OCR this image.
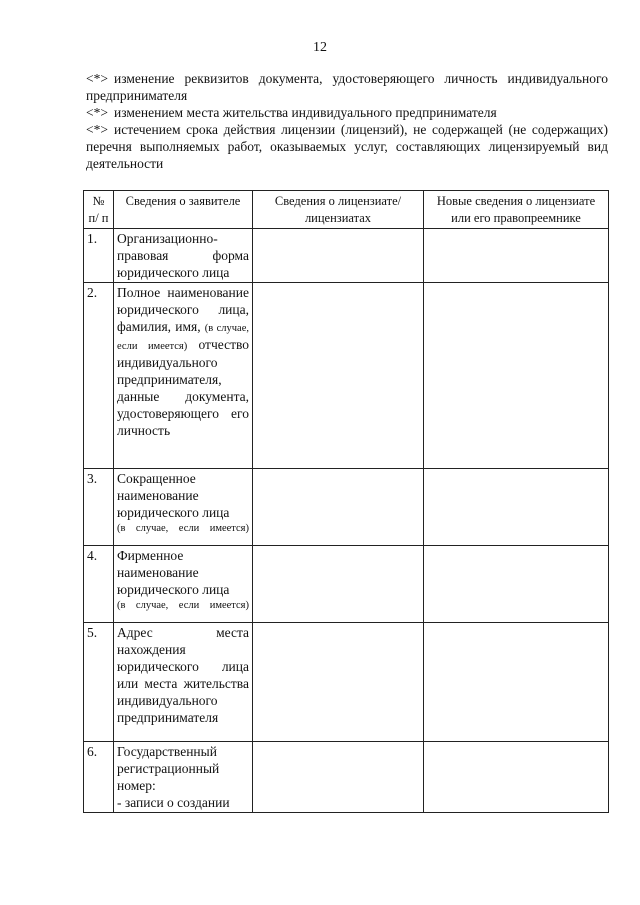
12

<*> изменение реквизитов документа, удостоверяющего личность индивидуального предпринимателя

<*> изменением места жительства индивидуального предпринимателя

<*> истечением срока действия лицензии (лицензий), не содержащей (не содержащих) перечня выполняемых работ, оказываемых услуг, составляющих лицензируемый вид деятельности

№ п/ п	Сведения о заявителе	Сведения о лицензиате/лицензиатах	Новые сведения о лицензиате или его правопреемнике
1.	Организационно-правовая форма юридического лица		
2.	Полное наименование юридического лица, фамилия, имя, (в случае, если имеется) отчество индивидуального предпринимателя, данные документа, удостоверяющего его личность		
3.	Сокращенное наименование юридического лица
(в случае, если имеется)		

4.	Фирменное наименование юридического лица
(в случае, если имеется)		

5.	Адрес места нахождения юридического лица или места жительства индивидуального предпринимателя		
6.	Государственный регистрационный номер:
- записи о создании		
